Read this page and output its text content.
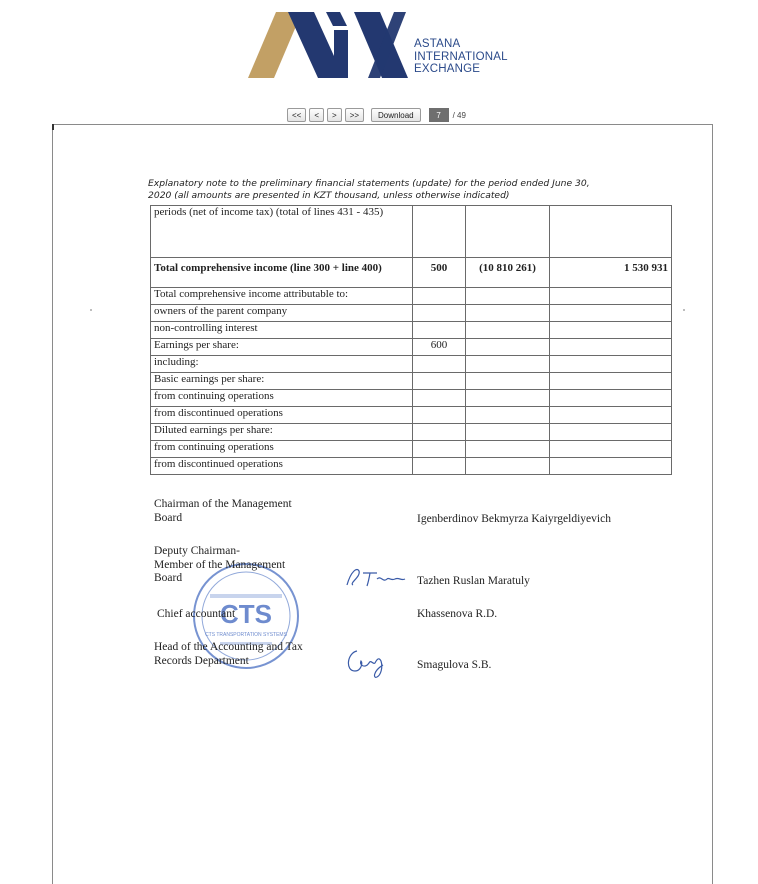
ASTANA
INTERNATIONAL
EXCHANGE
<<	<	>	>>	Download	7	/ 49
Explanatory note to the preliminary financial statements (update) for the period ended June 30,
2020 (all amounts are presented in KZT thousand, unless otherwise indicated)
periods (net of income tax) (total of lines 431 - 435)			
Total comprehensive income (line 300 + line 400)	500	(10 810 261)	1 530 931
Total comprehensive income attributable to:			
owners of the parent company			
non-controlling interest			
Earnings per share:	600		
including:			
Basic earnings per share:			
from continuing operations			
from discontinued operations			
Diluted earnings per share:			
from continuing operations			
from discontinued operations			
CTS
CTS TRANSPORTATION SYSTEMS
Chairman of the Management
Board	Igenberdinov Bekmyrza Kaiyrgeldiyevich
Deputy Chairman-
Member of the Management
Board	Tazhen Ruslan Maratuly
Chief accountant	Khassenova R.D.
Head of the Accounting and Tax
Records Department	Smagulova S.B.
